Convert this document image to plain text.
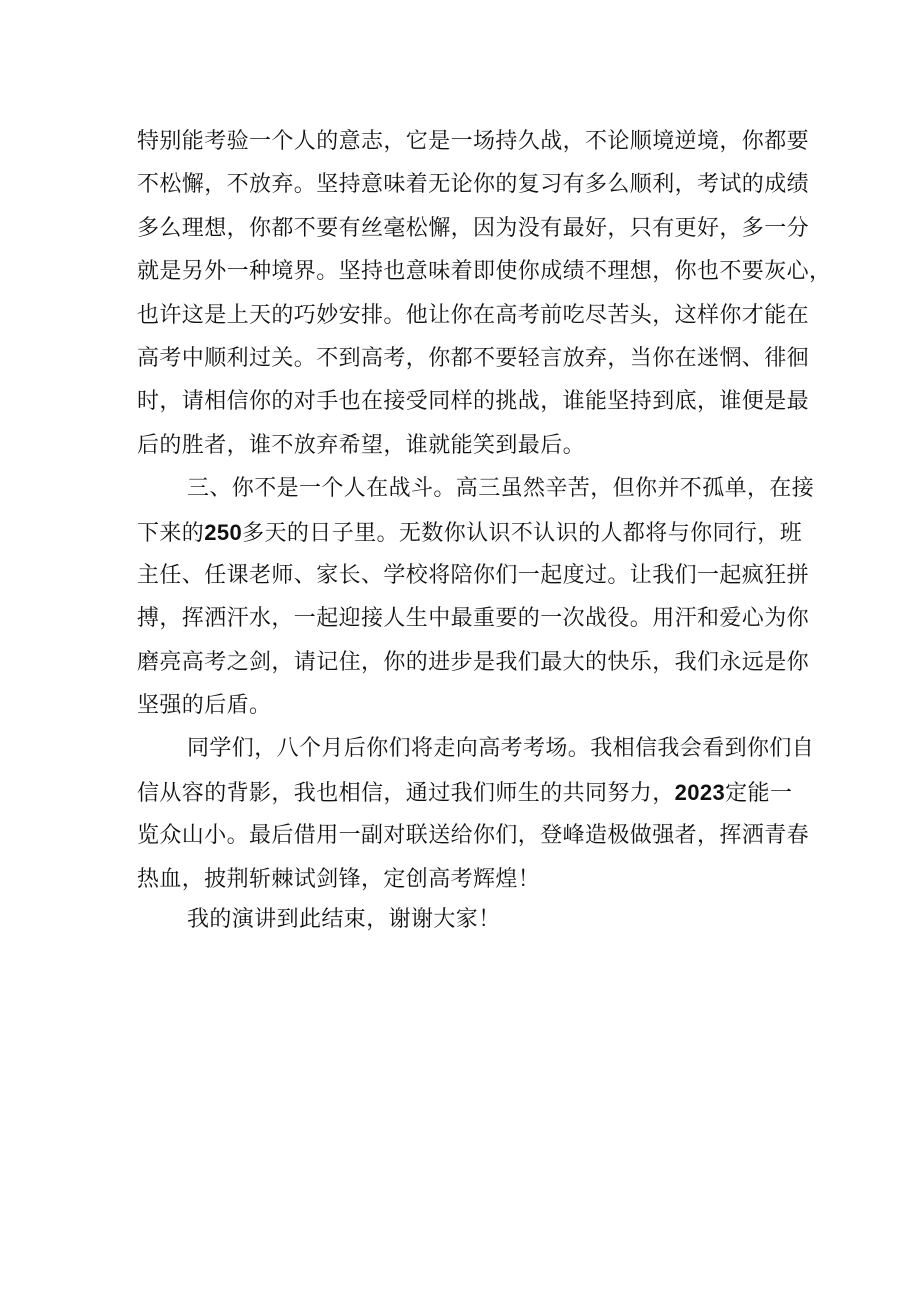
特别能考验一个人的意志，它是一场持久战，不论顺境逆境，你都要
不松懈，不放弃。坚持意味着无论你的复习有多么顺利，考试的成绩
多么理想，你都不要有丝毫松懈，因为没有最好，只有更好，多一分
就是另外一种境界。坚持也意味着即使你成绩不理想，你也不要灰心，
也许这是上天的巧妙安排。他让你在高考前吃尽苦头，这样你才能在
高考中顺利过关。不到高考，你都不要轻言放弃，当你在迷惘、徘徊
时，请相信你的对手也在接受同样的挑战，谁能坚持到底，谁便是最
后的胜者，谁不放弃希望，谁就能笑到最后。
三、你不是一个人在战斗。高三虽然辛苦，但你并不孤单，在接
下来的250多天的日子里。无数你认识不认识的人都将与你同行，班
主任、任课老师、家长、学校将陪你们一起度过。让我们一起疯狂拼
搏，挥洒汗水，一起迎接人生中最重要的一次战役。用汗和爱心为你
磨亮高考之剑，请记住，你的进步是我们最大的快乐，我们永远是你
坚强的后盾。
同学们，八个月后你们将走向高考考场。我相信我会看到你们自
信从容的背影，我也相信，通过我们师生的共同努力，2023定能一
览众山小。最后借用一副对联送给你们，登峰造极做强者，挥洒青春
热血，披荆斩棘试剑锋，定创高考辉煌！
我的演讲到此结束，谢谢大家！
